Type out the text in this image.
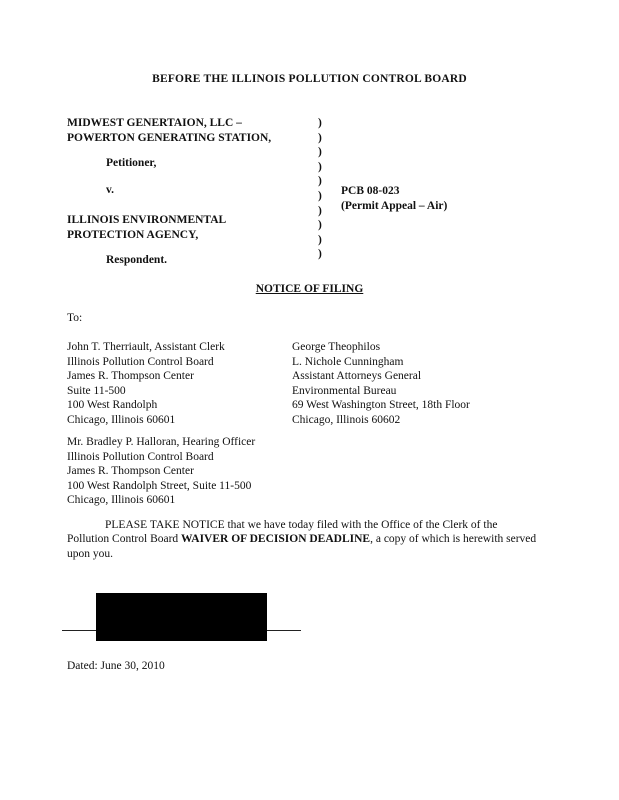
BEFORE THE ILLINOIS POLLUTION CONTROL BOARD
MIDWEST GENERTAION, LLC –
POWERTON GENERATING STATION,
Petitioner,
v.
ILLINOIS ENVIRONMENTAL
PROTECTION AGENCY,
Respondent.
)
)
)
)
)
)
)
)
)
)
PCB 08-023
(Permit Appeal – Air)
NOTICE OF FILING
To:
John T. Therriault, Assistant Clerk
Illinois Pollution Control Board
James R. Thompson Center
Suite 11-500
100 West Randolph
Chicago, Illinois 60601
George Theophilos
L. Nichole Cunningham
Assistant Attorneys General
Environmental Bureau
69 West Washington Street, 18th Floor
Chicago, Illinois 60602
Mr. Bradley P. Halloran, Hearing Officer
Illinois Pollution Control Board
James R. Thompson Center
100 West Randolph Street, Suite 11-500
Chicago, Illinois 60601
PLEASE TAKE NOTICE that we have today filed with the Office of the Clerk of the Pollution Control Board WAIVER OF DECISION DEADLINE, a copy of which is herewith served upon you.
Dated: June 30, 2010
